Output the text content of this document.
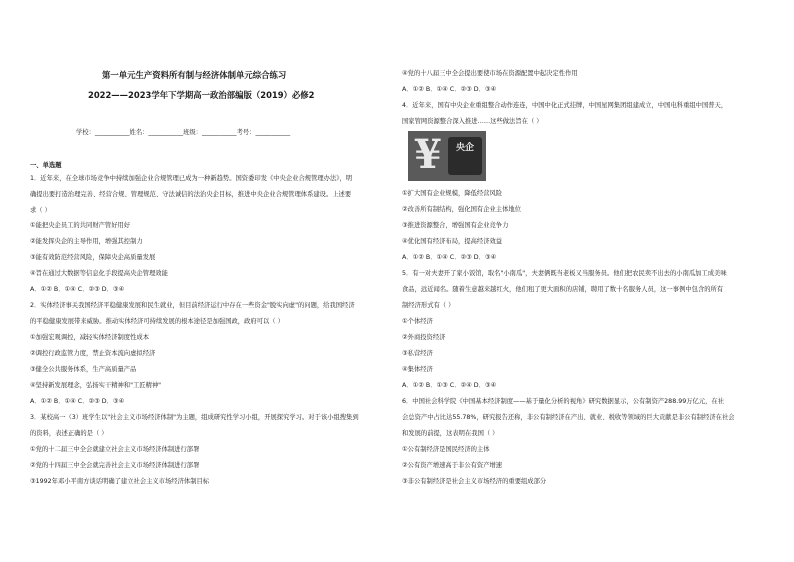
第一单元生产资料所有制与经济体制单元综合练习
2022——2023学年下学期高一政治部编版（2019）必修2
学校：___________姓名：___________班级：___________考号：___________
一、单选题
1．近年来，在全球市场竞争中持续加强企业合规管理已成为一种新趋势。国资委印发《中央企业合规管理办法》，明
确提出要打造治理完善、经营合规、管理规范、守法诚信的法治央企目标，推进中央企业合规管理体系建设。上述要
求（ ）
①能把央企员工的共同财产管好用好
②能发挥央企的主导作用，增强其控制力
③能有效防范经营风险，保障央企高质量发展
④旨在通过大数据等信息化手段提高央企管理效能
A．①② B．①④ C．②③ D．③④
2．实体经济事关我国经济平稳健康发展和民生就业，但目前经济运行中存在一些资金"脱实向虚"的问题，给我国经济
的平稳健康发展带来威胁。推动实体经济可持续发展的根本途径是加强国政，政府可以（ ）
①加强宏观调控，减轻实体经济制度性成本
②调控行政监管力度，禁止资本流向虚拟经济
③健全公共服务体系，生产高质量产品
④坚持新发展理念，弘扬实干精神和"工匠精神"
A．①② B．①④ C．②③ D．③④
3．某校高一（3）班学生以"社会主义市场经济体制"为主题，组成研究性学习小组，开展探究学习。对于该小组搜集到
的资料，表述正确的是（ ）
①党的十二届三中全会就建立社会主义市场经济体制进行部署
②党的十四届三中全会就完善社会主义市场经济体制进行部署
③1992年邓小平南方谈话明确了建立社会主义市场经济体制目标
④党的十八届三中全会提出要使市场在资源配置中起决定性作用
A．①② B．①④ C．②③ D．③④
4．近年来，国有中央企业重组整合动作连连，中国中化正式挂牌，中国星网集团组建成立，中国电科重组中国普天，
国家管网资源整合深入推进……这些做法旨在（ ）
¥	央企
①扩大国有企业规模，降低经营风险
②改善所有制结构，强化国有企业主体地位
③推进资源整合，增强国有企业竞争力
④优化国有经济布局，提高经济效益
A．①② B．①④ C．②③ D．③④
5．有一对夫妻开了家小饭馆，取名"小南瓜"，夫妻俩既当老板又当服务员。他们把农民卖不出去的小南瓜加工成美味
食品，远近闻名。随着生意越来越红火，他们租了更大面积的店铺，聘用了数十名服务人员，这一事例中包含的所有
制经济形式有（ ）
①个体经济
②外商投资经济
③私营经济
④集体经济
A．①② B．①③ C．②④ D．③④
6．中国社会科学院《中国基本经济制度——基于量化分析的视角》研究数据显示，公有制资产288.99万亿元，在社
会总资产中占比达55.78%，研究报告还称，非公有制经济在产出、就业、税收等领域的巨大贡献是非公有制经济在社会
和发展的前提，这表明在我国（ ）
①公有制经济是国民经济的主体
②公有资产增速高于非公有资产增速
③非公有制经济是社会主义市场经济的重要组成部分
